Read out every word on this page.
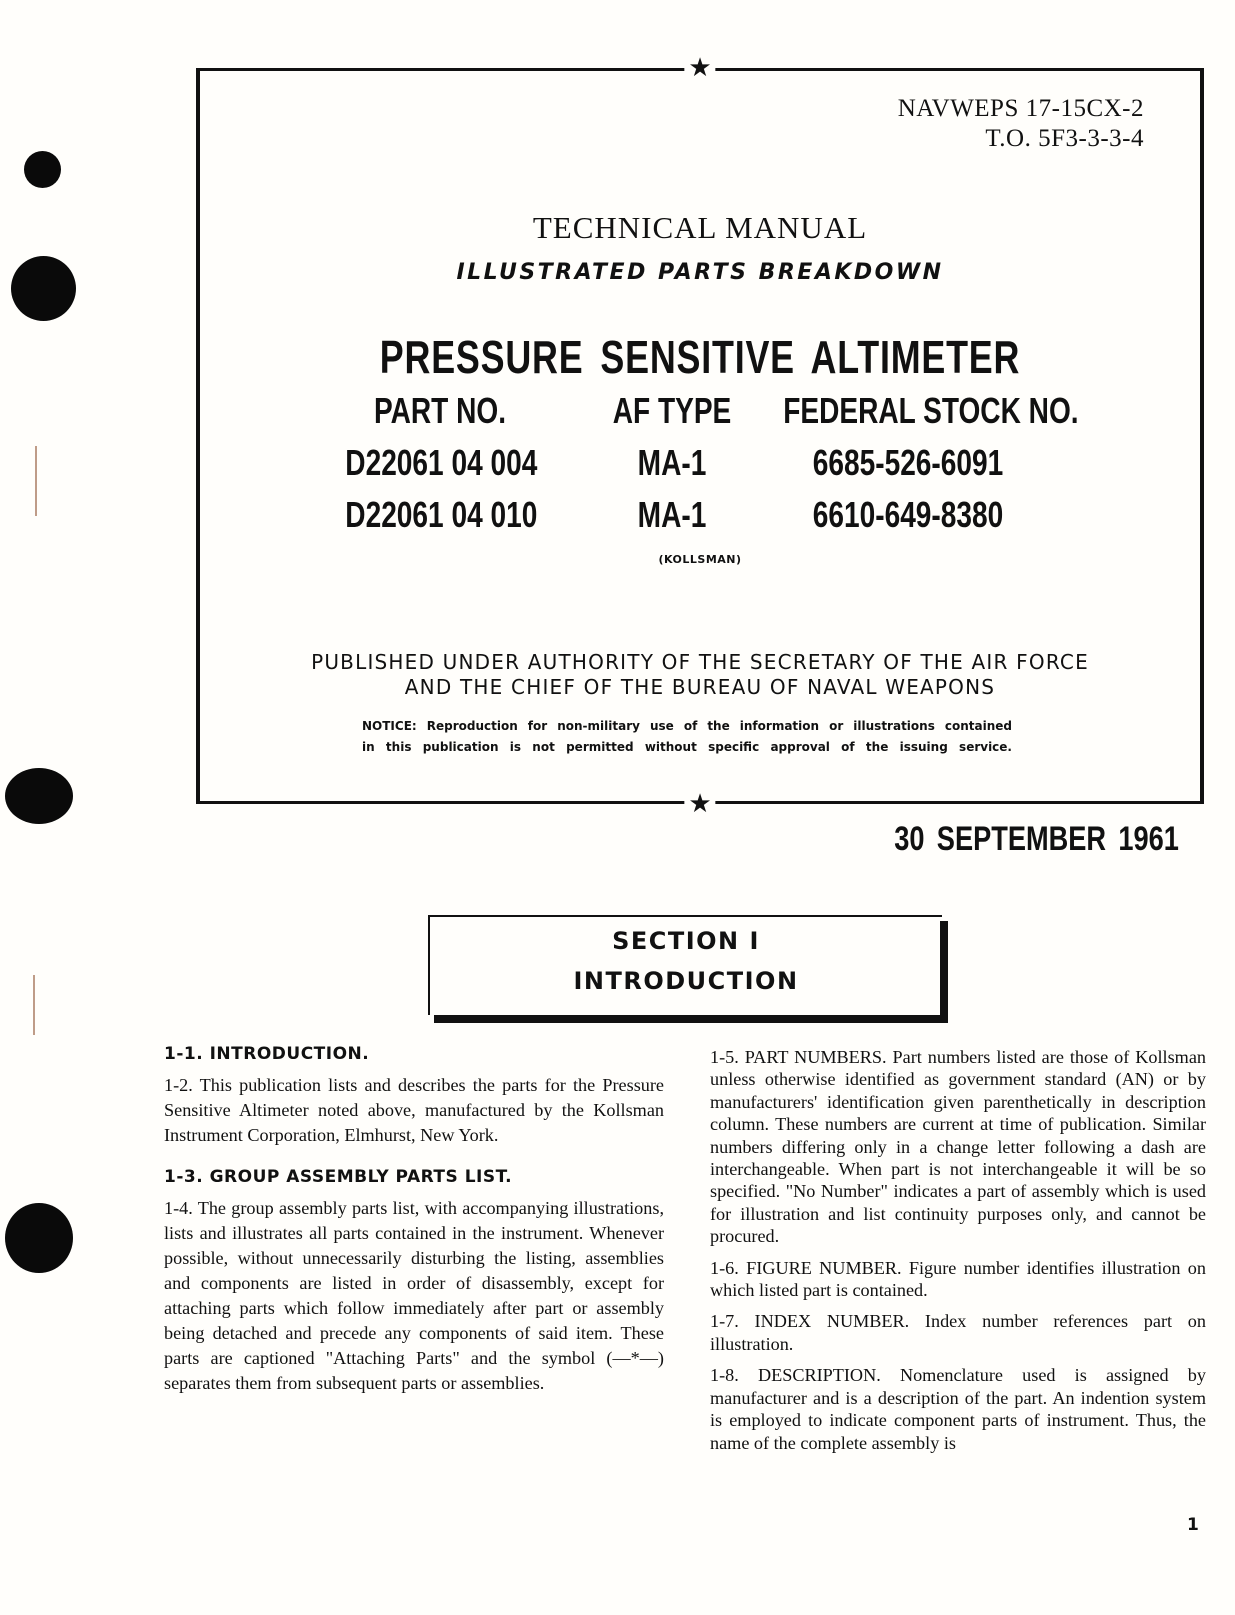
★
★
NAVWEPS 17-15CX-2
T.O. 5F3-3-3-4
TECHNICAL MANUAL
ILLUSTRATED PARTS BREAKDOWN
PRESSURE SENSITIVE ALTIMETER
PART NO.	AF TYPE	FEDERAL STOCK NO.
D22061 04 004	MA-1	6685-526-6091
D22061 04 010	MA-1	6610-649-8380
(KOLLSMAN)
PUBLISHED UNDER AUTHORITY OF THE SECRETARY OF THE AIR FORCE
AND THE CHIEF OF THE BUREAU OF NAVAL WEAPONS

NOTICE: Reproduction for non-military use of the information or illustrations contained

in this publication is not permitted without specific approval of the issuing service.

30 SEPTEMBER 1961
SECTION I
INTRODUCTION
1-1. INTRODUCTION.

1-2. This publication lists and describes the parts for the Pressure Sensitive Altimeter noted above, manufactured by the Kollsman Instrument Corporation, Elmhurst, New York.

1-3. GROUP ASSEMBLY PARTS LIST.

1-4. The group assembly parts list, with accompanying illustrations, lists and illustrates all parts contained in the instrument. Whenever possible, without unnecessarily disturbing the listing, assemblies and components are listed in order of disassembly, except for attaching parts which follow immediately after part or assembly being detached and precede any components of said item. These parts are captioned "Attaching Parts" and the symbol (—*—) separates them from subsequent parts or assemblies.

1-5. PART NUMBERS. Part numbers listed are those of Kollsman unless otherwise identified as government standard (AN) or by manufacturers' identification given parenthetically in description column. These numbers are current at time of publication. Similar numbers differing only in a change letter following a dash are interchangeable. When part is not interchangeable it will be so specified. "No Number" indicates a part of assembly which is used for illustration and list continuity purposes only, and cannot be procured.

1-6. FIGURE NUMBER. Figure number identifies illustration on which listed part is contained.

1-7. INDEX NUMBER. Index number references part on illustration.

1-8. DESCRIPTION. Nomenclature used is assigned by manufacturer and is a description of the part. An indention system is employed to indicate component parts of instrument. Thus, the name of the complete assembly is

1
